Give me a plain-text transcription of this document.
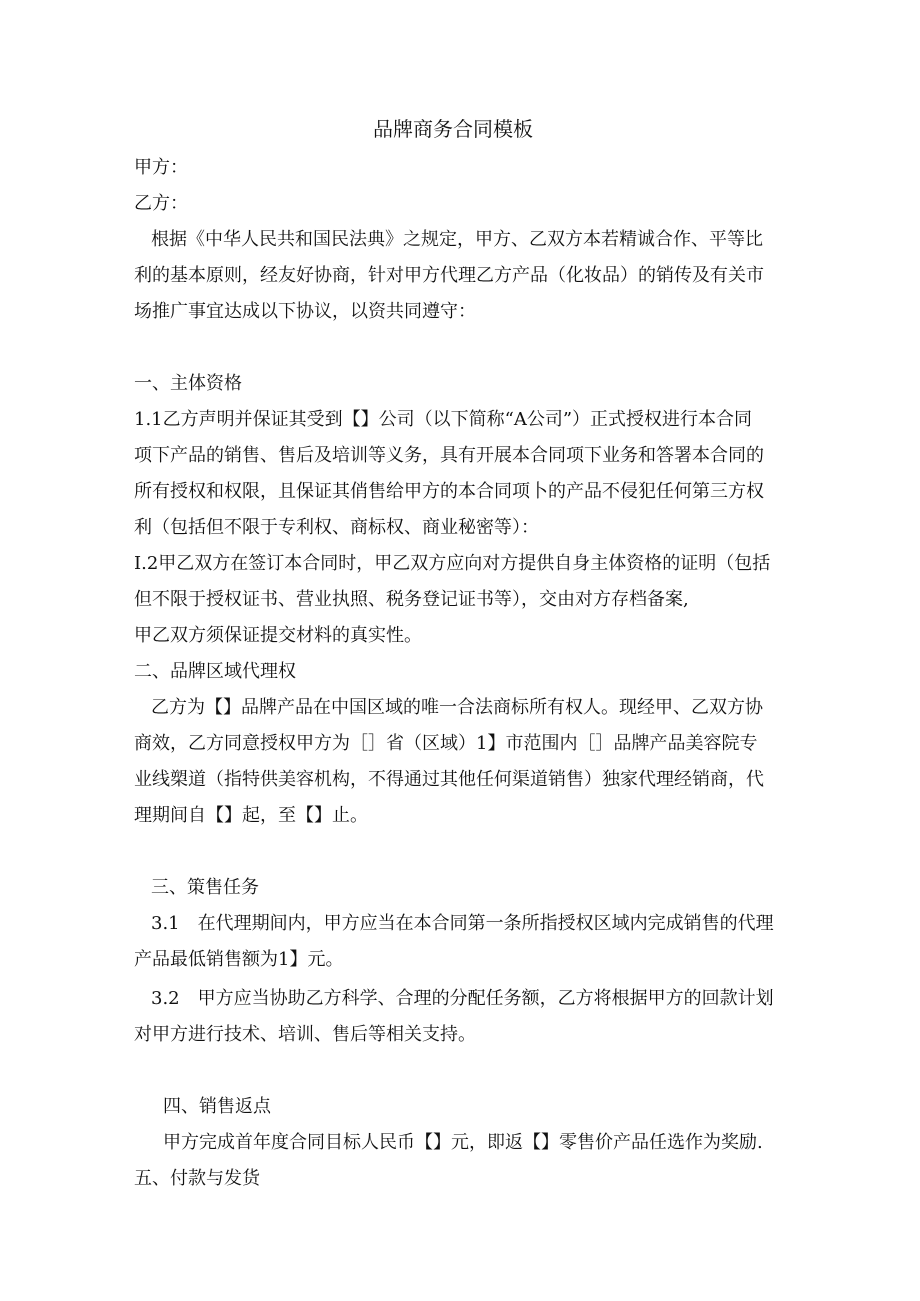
品牌商务合同模板

甲方：

乙方：

根据《中华人民共和国民法典》之规定，甲方、乙双方本若精诚合作、平等比

利的基本原则，经友好协商，针对甲方代理乙方产品（化妆品）的销传及有关市

场推广事宜达成以下协议，以资共同遵守：

一、主体资格

1.1乙方声明并保证其受到【】公司（以下简称“A公司”）正式授权进行本合同

项下产品的销售、售后及培训等义务，具有开展本合同项下业务和答署本合同的

所有授权和权限，且保证其俏售给甲方的本合同项卜的产品不侵犯任何第三方权

利（包括但不限于专利权、商标权、商业秘密等）：

I.2甲乙双方在签订本合同时，甲乙双方应向对方提供自身主体资格的证明（包括

但不限于授权证书、营业执照、税务登记证书等），交由对方存档备案,

甲乙双方须保证提交材料的真实性。

二、品牌区域代理权

乙方为【】品牌产品在中国区域的唯一合法商标所有权人。现经甲、乙双方协

商效，乙方同意授权甲方为［］省（区域）1】市范围内［］品牌产品美容院专

业线槊道（指特供美容机构，不得通过其他任何渠道销售）独家代理经销商，代

理期间自【】起，至【】止。

三、策售任务

3.1　在代理期间内，甲方应当在本合同第一条所指授权区域内完成销售的代理

产品最低销售额为1】元。

3.2　甲方应当协助乙方科学、合理的分配任务额，乙方将根据甲方的回款计划

对甲方进行技术、培训、售后等相关支持。

四、销售返点

甲方完成首年度合同目标人民币【】元，即返【】零售价产品任选作为奖励.

五、付款与发货
